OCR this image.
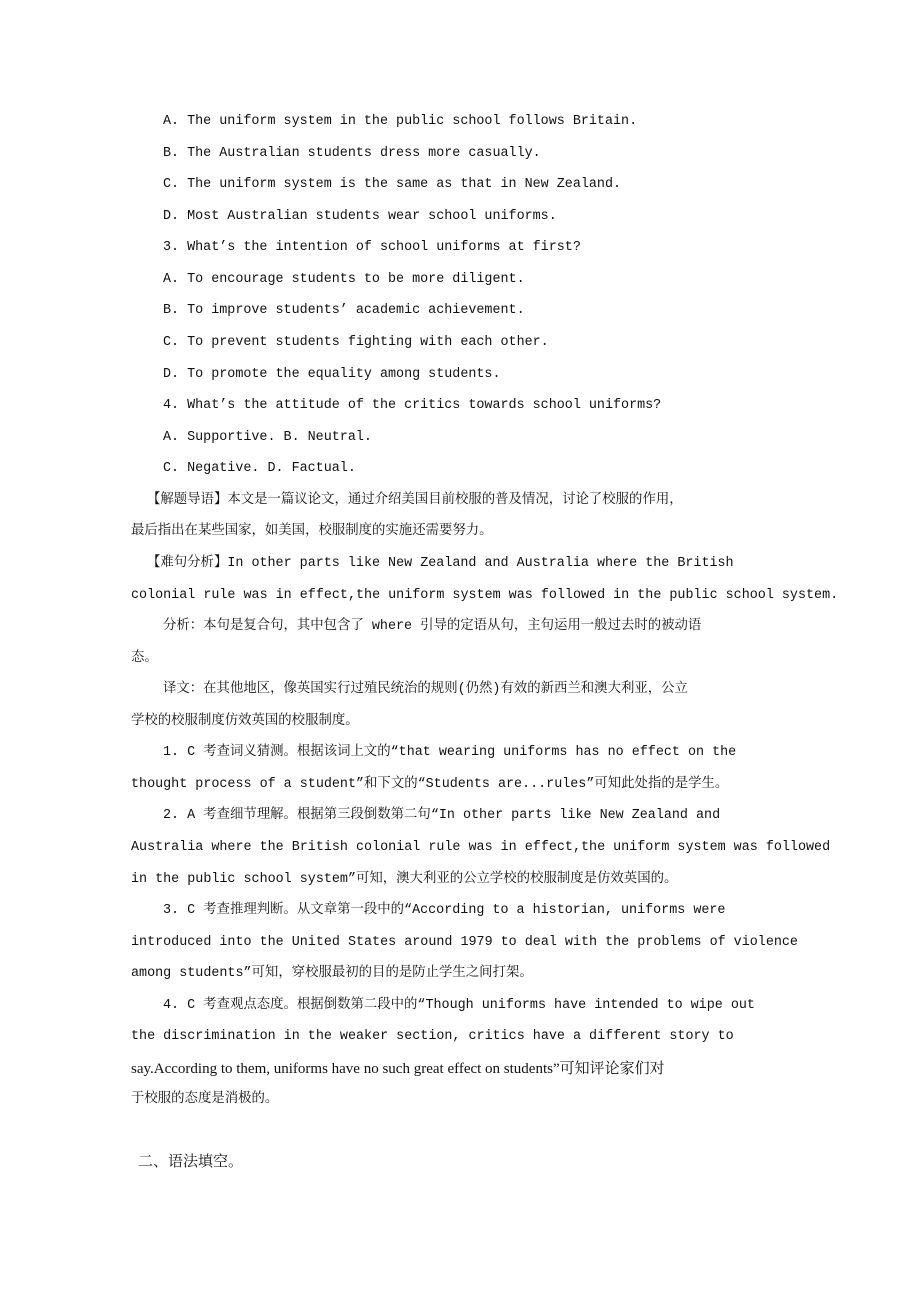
A. The uniform system in the public school follows Britain.
B. The Australian students dress more casually.
C. The uniform system is the same as that in New Zealand.
D. Most Australian students wear school uniforms.
3. What’s the intention of school uniforms at first?
A. To encourage students to be more diligent.
B. To improve students’ academic achievement.
C. To prevent students fighting with each other.
D. To promote the equality among students.
4. What’s the attitude of the critics towards school uniforms?
A. Supportive. B. Neutral.
C. Negative. D. Factual.
【解题导语】本文是一篇议论文，通过介绍美国目前校服的普及情况，讨论了校服的作用，
最后指出在某些国家，如美国，校服制度的实施还需要努力。
【难句分析】In other parts like New Zealand and Australia where the British
colonial rule was in effect,the uniform system was followed in the public school system.
分析：本句是复合句，其中包含了 where 引导的定语从句，主句运用一般过去时的被动语
态。
译文：在其他地区，像英国实行过殖民统治的规则(仍然)有效的新西兰和澳大利亚，公立
学校的校服制度仿效英国的校服制度。
1. C 考查词义猜测。根据该词上文的“that wearing uniforms has no effect on the
thought process of a student”和下文的“Students are...rules”可知此处指的是学生。
2. A 考查细节理解。根据第三段倒数第二句“In other parts like New Zealand and
Australia where the British colonial rule was in effect,the uniform system was followed
in the public school system”可知，澳大利亚的公立学校的校服制度是仿效英国的。
3. C 考查推理判断。从文章第一段中的“According to a historian, uniforms were
introduced into the United States around 1979 to deal with the problems of violence
among students”可知，穿校服最初的目的是防止学生之间打架。
4. C 考查观点态度。根据倒数第二段中的“Though uniforms have intended to wipe out
the discrimination in the weaker section, critics have a different story to
say.According to them, uniforms have no such great effect on students”可知评论家们对
于校服的态度是消极的。
二、语法填空。
